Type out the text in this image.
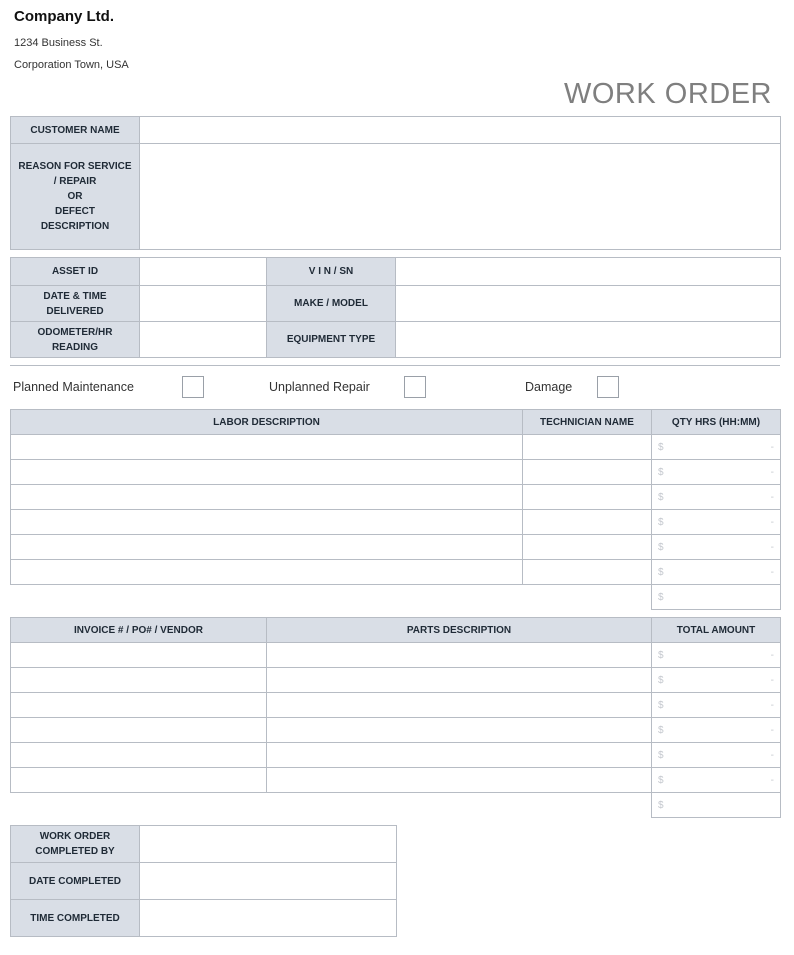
Company Ltd.
1234 Business St.
Corporation Town, USA
WORK ORDER
CUSTOMER NAME	

REASON FOR SERVICE
/ REPAIR
OR
DEFECT
DESCRIPTION	

ASSET ID		V I N / SN	

DATE & TIME
DELIVERED		MAKE / MODEL	

ODOMETER/HR
READING		EQUIPMENT TYPE	
Planned Maintenance	Unplanned Repair	Damage
LABOR DESCRIPTION	TECHNICIAN NAME	QTY HRS (HH:MM)

		$ -

		$ -

		$ -

		$ -

		$ -

		$ -

		$
INVOICE # / PO# / VENDOR	PARTS DESCRIPTION	TOTAL AMOUNT

		$ -

		$ -

		$ -

		$ -

		$ -

		$ -

		$
WORK ORDER
COMPLETED BY	

DATE COMPLETED	
TIME COMPLETED	
